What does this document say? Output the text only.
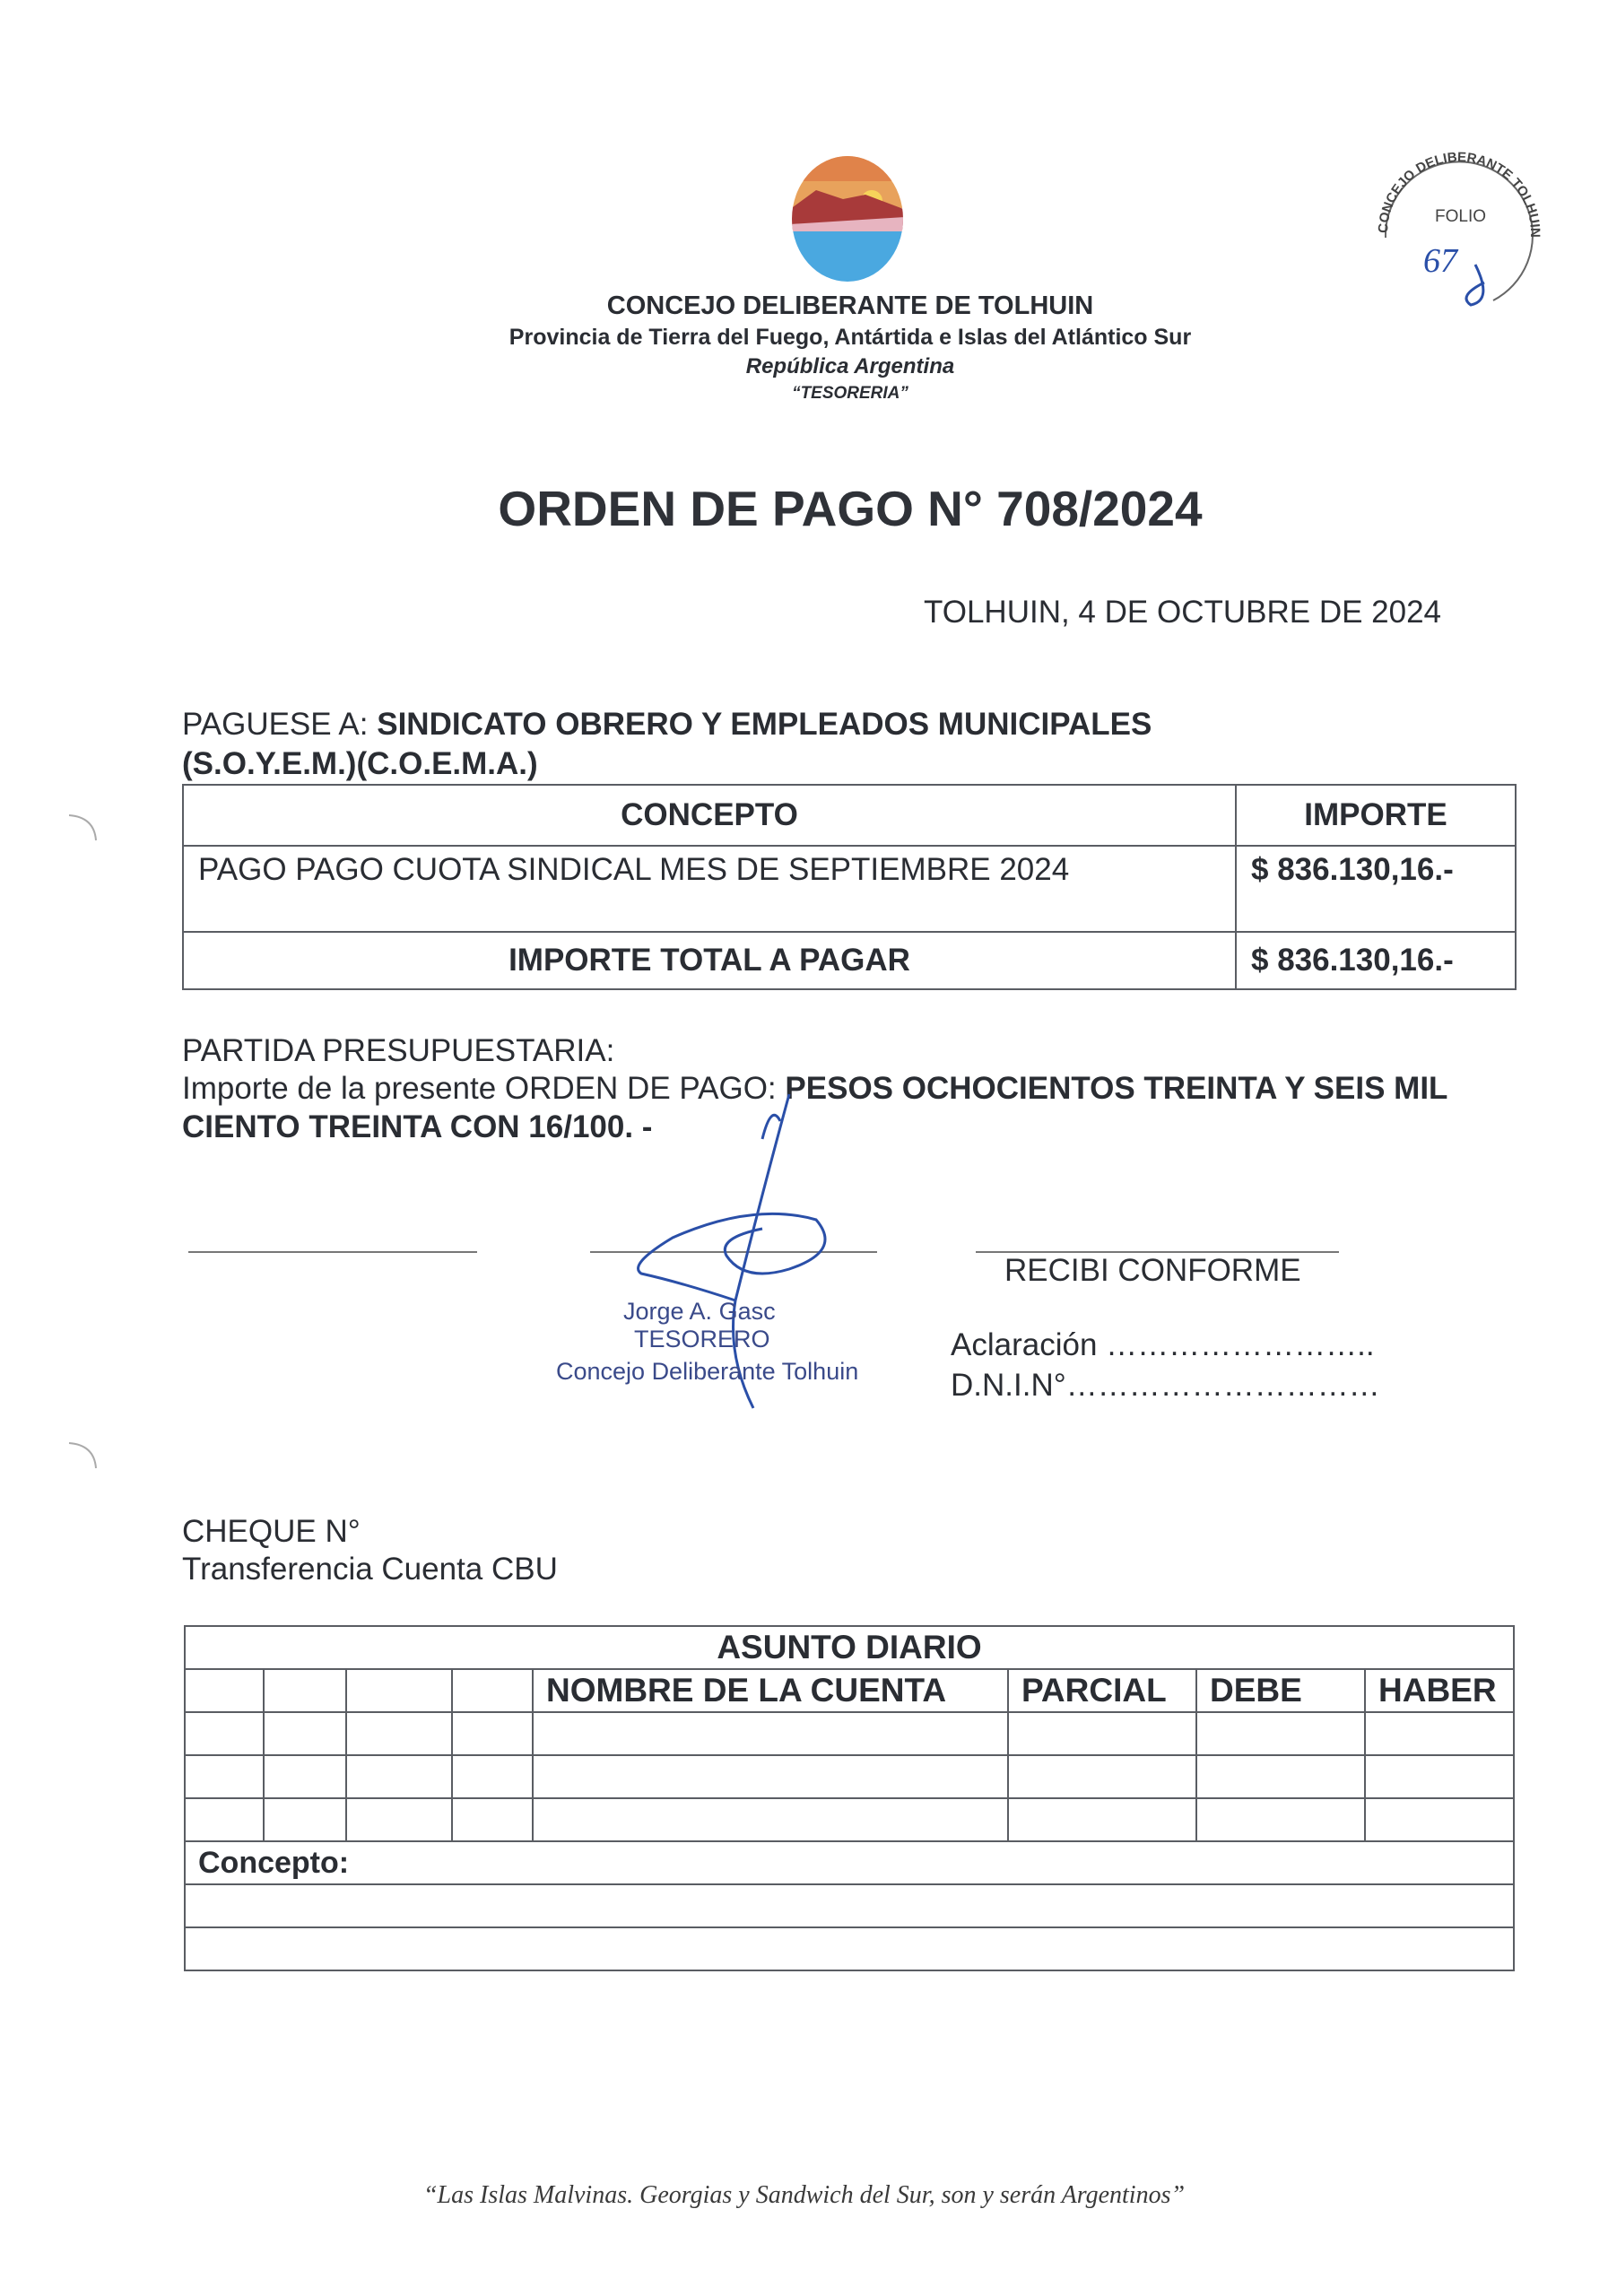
CONCEJO DELIBERANTE DE TOLHUIN
Provincia de Tierra del Fuego, Antártida e Islas del Atlántico Sur
República Argentina
“TESORERIA”
CONCEJO DELIBERANTE TOLHUIN
FOLIO
67
ORDEN DE PAGO N° 708/2024
TOLHUIN, 4 DE OCTUBRE DE 2024
PAGUESE A: SINDICATO OBRERO Y EMPLEADOS MUNICIPALES
(S.O.Y.E.M.)(C.O.E.M.A.)
CONCEPTO	IMPORTE
PAGO PAGO CUOTA SINDICAL MES DE SEPTIEMBRE 2024	$ 836.130,16.-
IMPORTE TOTAL A PAGAR	$ 836.130,16.-
PARTIDA PRESUPUESTARIA:
Importe de la presente ORDEN DE PAGO: PESOS OCHOCIENTOS TREINTA Y SEIS MIL
CIENTO TREINTA CON 16/100. -
Jorge A. Gasc
TESORERO
Concejo Deliberante Tolhuin
RECIBI CONFORME
Aclaración ……………………..
D.N.I.N°…………………………
CHEQUE N°
Transferencia Cuenta CBU
ASUNTO DIARIO							
				NOMBRE DE LA CUENTA	PARCIAL	DEBE	HABER

Concepto:							

“Las Islas Malvinas. Georgias y Sandwich del Sur, son y serán Argentinos”
